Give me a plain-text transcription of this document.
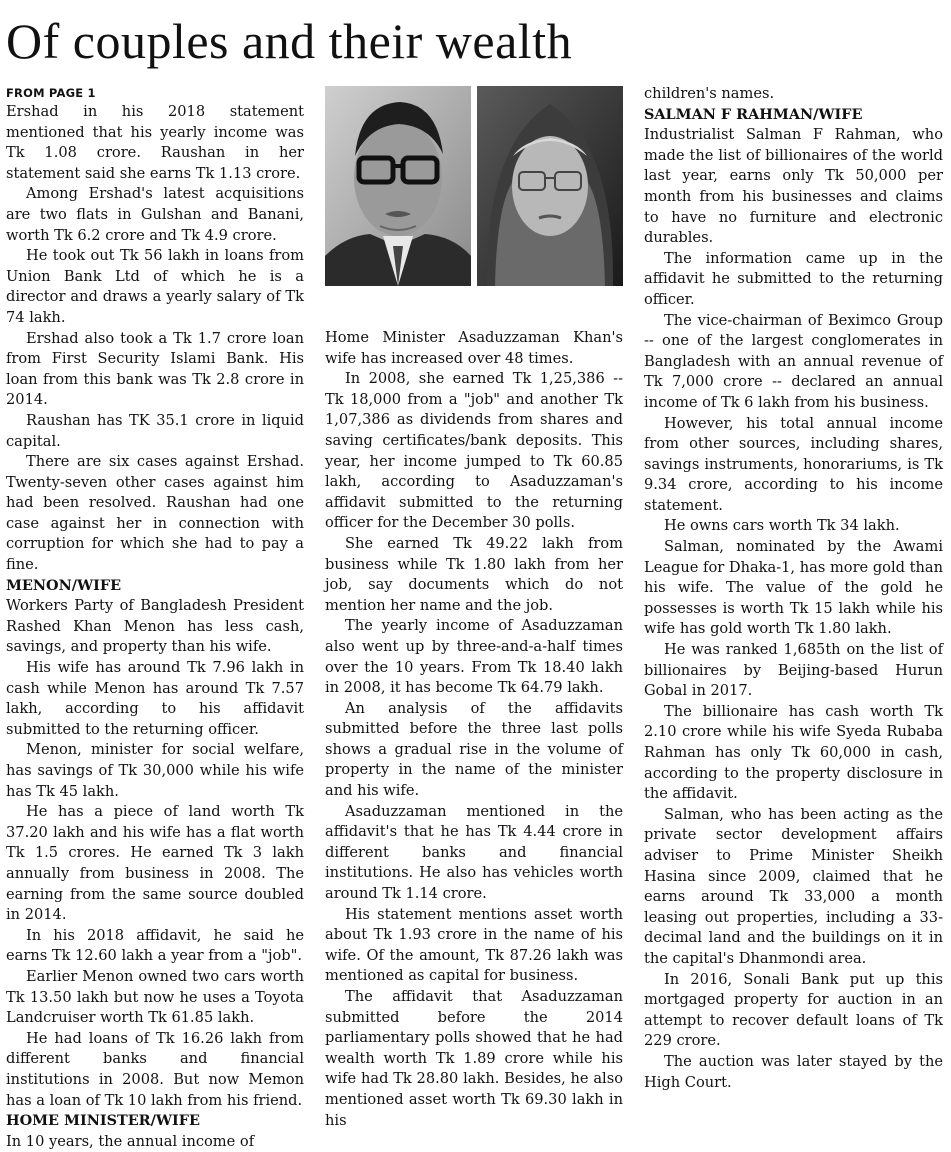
Of couples and their wealth
FROM PAGE 1

Ershad in his 2018 statement mentioned that his yearly income was Tk 1.08 crore. Raushan in her statement said she earns Tk 1.13 crore.

Among Ershad's latest acquisitions are two flats in Gulshan and Banani, worth Tk 6.2 crore and Tk 4.9 crore.

He took out Tk 56 lakh in loans from Union Bank Ltd of which he is a director and draws a yearly salary of Tk 74 lakh.

Ershad also took a Tk 1.7 crore loan from First Security Islami Bank. His loan from this bank was Tk 2.8 crore in 2014.

Raushan has TK 35.1 crore in liquid capital.

There are six cases against Ershad. Twenty-seven other cases against him had been resolved. Raushan had one case against her in connection with corruption for which she had to pay a fine.

MENON/WIFE

Workers Party of Bangladesh President Rashed Khan Menon has less cash, savings, and property than his wife.

His wife has around Tk 7.96 lakh in cash while Menon has around Tk 7.57 lakh, according to his affidavit submitted to the returning officer.

Menon, minister for social welfare, has savings of Tk 30,000 while his wife has Tk 45 lakh.

He has a piece of land worth Tk 37.20 lakh and his wife has a flat worth Tk 1.5 crores. He earned Tk 3 lakh annually from business in 2008. The earning from the same source doubled in 2014.

In his 2018 affidavit, he said he earns Tk 12.60 lakh a year from a "job".

Earlier Menon owned two cars worth Tk 13.50 lakh but now he uses a Toyota Landcruiser worth Tk 61.85 lakh.

He had loans of Tk 16.26 lakh from different banks and financial institutions in 2008. But now Memon has a loan of Tk 10 lakh from his friend.

HOME MINISTER/WIFE

In 10 years, the annual income of

Home Minister Asaduzzaman Khan's wife has increased over 48 times.

In 2008, she earned Tk 1,25,386 -- Tk 18,000 from a "job" and another Tk 1,07,386 as dividends from shares and saving certificates/bank deposits. This year, her income jumped to Tk 60.85 lakh, according to Asaduzzaman's affidavit submitted to the returning officer for the December 30 polls.

She earned Tk 49.22 lakh from business while Tk 1.80 lakh from her job, say documents which do not mention her name and the job.

The yearly income of Asaduzzaman also went up by three-and-a-half times over the 10 years. From Tk 18.40 lakh in 2008, it has become Tk 64.79 lakh.

An analysis of the affidavits submitted before the three last polls shows a gradual rise in the volume of property in the name of the minister and his wife.

Asaduzzaman mentioned in the affidavit's that he has Tk 4.44 crore in different banks and financial institutions. He also has vehicles worth around Tk 1.14 crore.

His statement mentions asset worth about Tk 1.93 crore in the name of his wife. Of the amount, Tk 87.26 lakh was mentioned as capital for business.

The affidavit that Asaduzzaman submitted before the 2014 parliamentary polls showed that he had wealth worth Tk 1.89 crore while his wife had Tk 28.80 lakh. Besides, he also mentioned asset worth Tk 69.30 lakh in his

children's names.

SALMAN F RAHMAN/WIFE

Industrialist Salman F Rahman, who made the list of billionaires of the world last year, earns only Tk 50,000 per month from his businesses and claims to have no furniture and electronic durables.

The information came up in the affidavit he submitted to the returning officer.

The vice-chairman of Beximco Group -- one of the largest conglomerates in Bangladesh with an annual revenue of Tk 7,000 crore -- declared an annual income of Tk 6 lakh from his business.

However, his total annual income from other sources, including shares, savings instruments, honorariums, is Tk 9.34 crore, according to his income statement.

He owns cars worth Tk 34 lakh.

Salman, nominated by the Awami League for Dhaka-1, has more gold than his wife. The value of the gold he possesses is worth Tk 15 lakh while his wife has gold worth Tk 1.80 lakh.

He was ranked 1,685th on the list of billionaires by Beijing-based Hurun Gobal in 2017.

The billionaire has cash worth Tk 2.10 crore while his wife Syeda Rubaba Rahman has only Tk 60,000 in cash, according to the property disclosure in the affidavit.

Salman, who has been acting as the private sector development affairs adviser to Prime Minister Sheikh Hasina since 2009, claimed that he earns around Tk 33,000 a month leasing out properties, including a 33-decimal land and the buildings on it in the capital's Dhanmondi area.

In 2016, Sonali Bank put up this mortgaged property for auction in an attempt to recover default loans of Tk 229 crore.

The auction was later stayed by the High Court.
